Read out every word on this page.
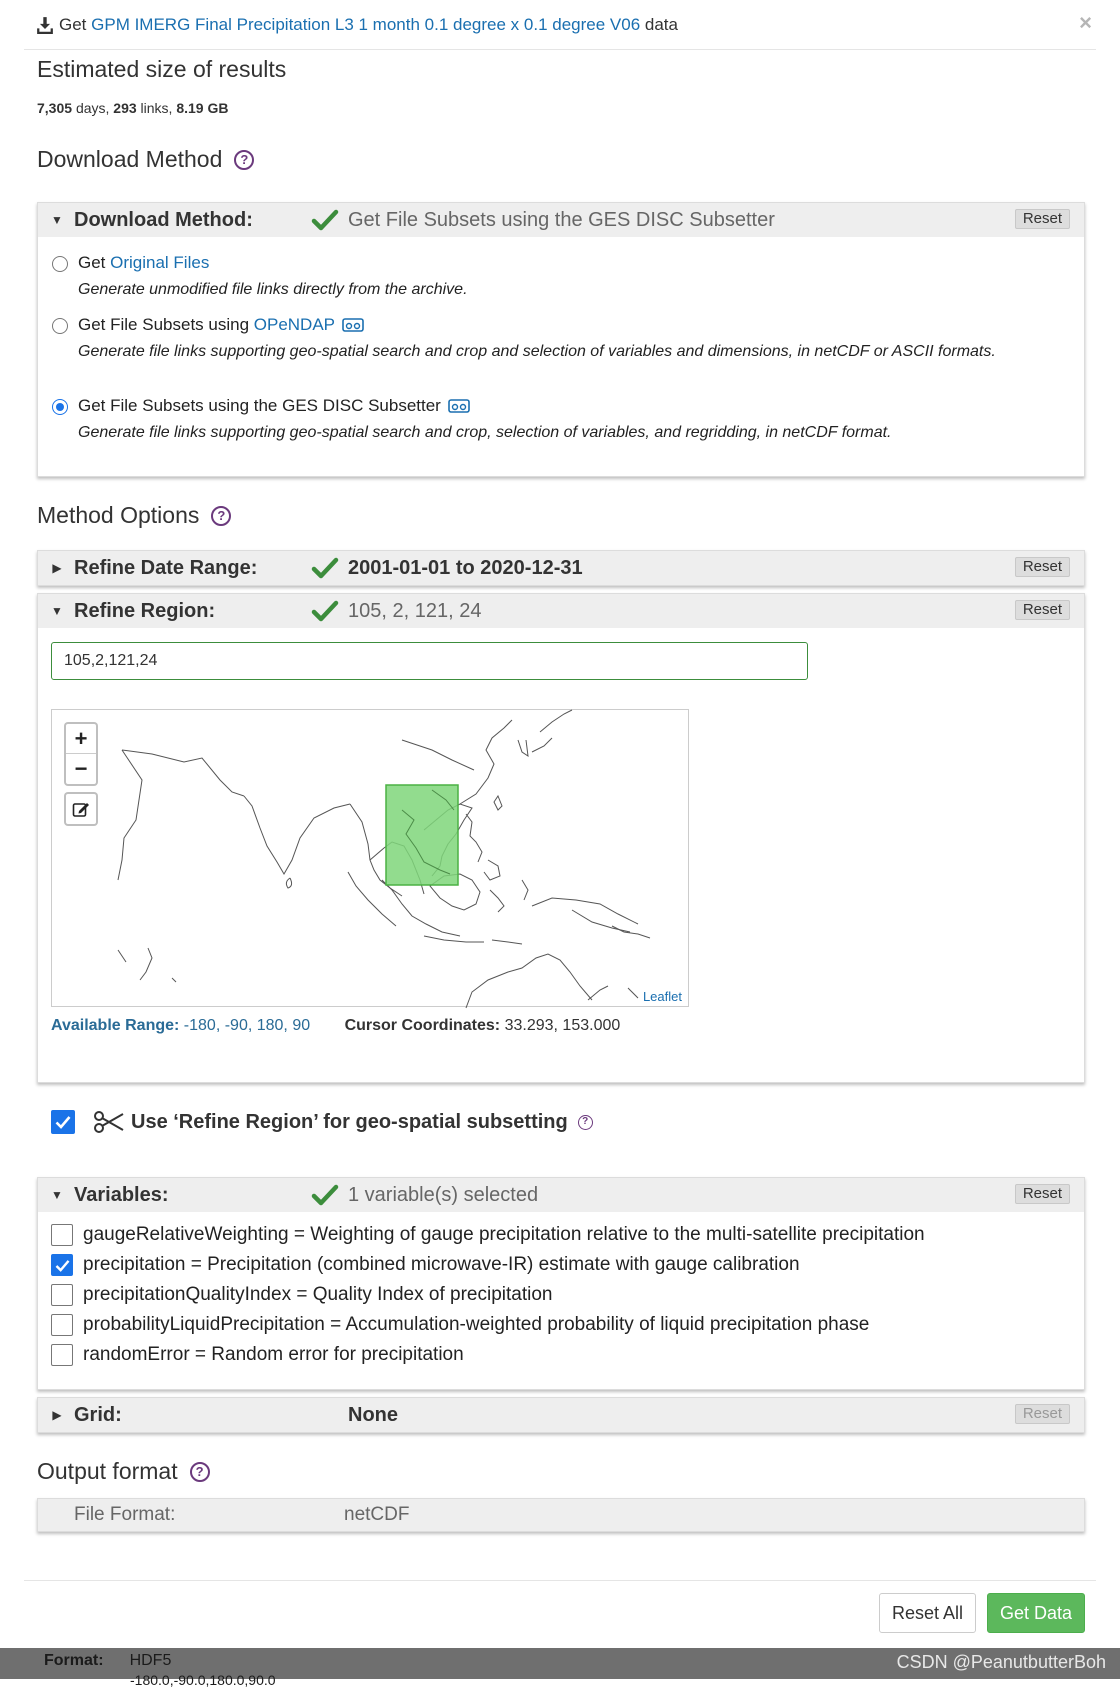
Get
GPM IMERG Final Precipitation L3 1 month 0.1 degree x 0.1 degree V06
data	×
Estimated size of results
7,305 days, 293 links, 8.19 GB
Download Method	?
▼ Download Method:	Get File Subsets using the GES DISC Subsetter	Reset
Get Original Files
Generate unmodified file links directly from the archive.
Get File Subsets using OPeNDAP
Generate file links supporting geo-spatial search and crop and selection of variables and dimensions, in netCDF or ASCII formats.
Get File Subsets using the GES DISC Subsetter
Generate file links supporting geo-spatial search and crop, selection of variables, and regridding, in netCDF format.
Method Options	?
▶ Refine Date Range:	2001-01-01 to 2020-12-31	Reset
▼ Refine Region:	105, 2, 121, 24	Reset
105,2,121,24
+
−
Leaflet
Available Range: -180, -90, 180, 90 Cursor Coordinates: 33.293, 153.000
Use ‘Refine Region’ for geo-spatial subsetting	?
▼ Variables:	1 variable(s) selected	Reset
gaugeRelativeWeighting = Weighting of gauge precipitation relative to the multi-satellite precipitation
precipitation = Precipitation (combined microwave-IR) estimate with gauge calibration
precipitationQualityIndex = Quality Index of precipitation
probabilityLiquidPrecipitation = Accumulation-weighted probability of liquid precipitation phase
randomError = Random error for precipitation
▶ Grid:	None	Reset
Output format	?
File Format:	netCDF
Reset All	Get Data
Format: HDF5
-180.0,-90.0,180.0,90.0
CSDN @PeanutbutterBoh
